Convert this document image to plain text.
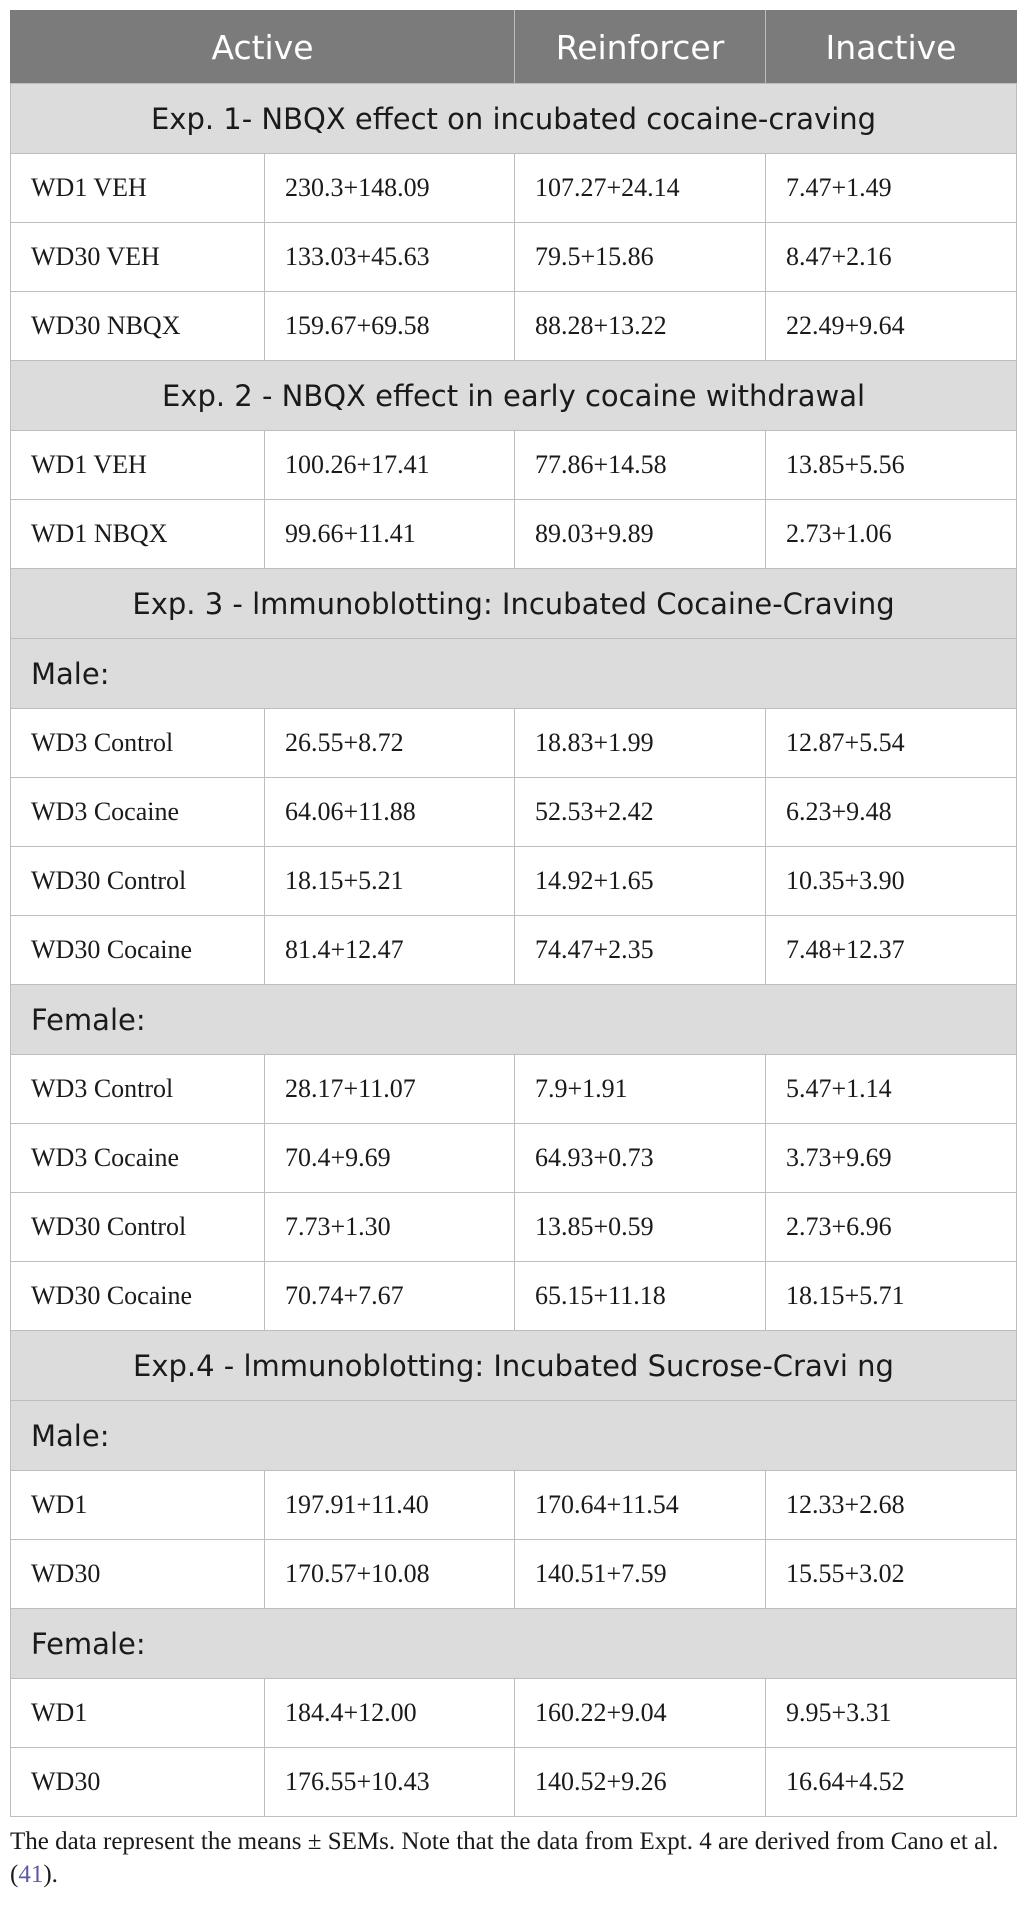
Active		Reinforcer	Inactive
Exp. 1- NBQX effect on incubated cocaine-craving			
WD1 VEH	230.3+148.09	107.27+24.14	7.47+1.49
WD30 VEH	133.03+45.63	79.5+15.86	8.47+2.16
WD30 NBQX	159.67+69.58	88.28+13.22	22.49+9.64
Exp. 2 - NBQX effect in early cocaine withdrawal			
WD1 VEH	100.26+17.41	77.86+14.58	13.85+5.56
WD1 NBQX	99.66+11.41	89.03+9.89	2.73+1.06
Exp. 3 - lmmunoblotting: Incubated Cocaine-Craving			
Male:			
WD3 Control	26.55+8.72	18.83+1.99	12.87+5.54
WD3 Cocaine	64.06+11.88	52.53+2.42	6.23+9.48
WD30 Control	18.15+5.21	14.92+1.65	10.35+3.90
WD30 Cocaine	81.4+12.47	74.47+2.35	7.48+12.37
Female:			
WD3 Control	28.17+11.07	7.9+1.91	5.47+1.14
WD3 Cocaine	70.4+9.69	64.93+0.73	3.73+9.69
WD30 Control	7.73+1.30	13.85+0.59	2.73+6.96
WD30 Cocaine	70.74+7.67	65.15+11.18	18.15+5.71
Exp.4 - lmmunoblotting: Incubated Sucrose-Cravi ng			
Male:			
WD1	197.91+11.40	170.64+11.54	12.33+2.68
WD30	170.57+10.08	140.51+7.59	15.55+3.02
Female:			
WD1	184.4+12.00	160.22+9.04	9.95+3.31
WD30	176.55+10.43	140.52+9.26	16.64+4.52
The data represent the means ± SEMs. Note that the data from Expt. 4 are derived from Cano et al. (41).
